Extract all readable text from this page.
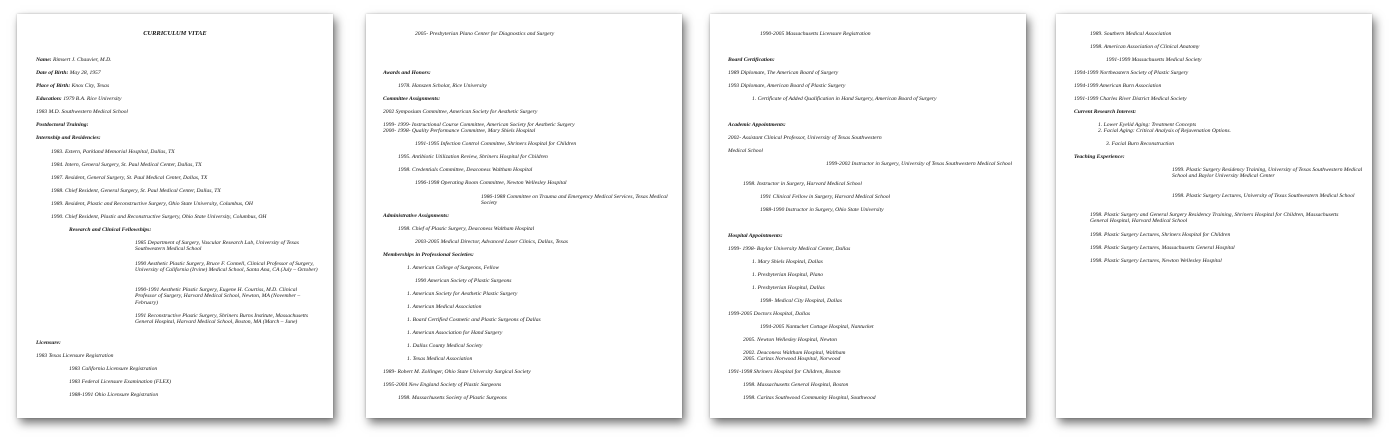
CURRICULUM VITAE
Name: Rimsert J. Chauvier, M.D.
Date of Birth: May 28, 1957
Place of Birth: Knox City, Texas
Education: 1979 B.A. Rice University
1983 M.D. Southwestern Medical School
Postdoctoral Training:
Internship and Residencies:
1983. Extern, Parkland Memorial Hospital, Dallas, TX
1984. Intern, General Surgery, St. Paul Medical Center, Dallas, TX
1987. Resident, General Surgery, St. Paul Medical Center, Dallas, TX
1988. Chief Resident, General Surgery, St. Paul Medical Center, Dallas, TX
1989. Resident, Plastic and Reconstructive Surgery, Ohio State University, Columbus, OH
1990. Chief Resident, Plastic and Reconstructive Surgery, Ohio State University, Columbus, OH
Research and Clinical Fellowships:
1985 Department of Surgery, Vascular Research Lab, University of Texas Southwestern Medical School
1990 Aesthetic Plastic Surgery, Bruce F. Connell, Clinical Professor of Surgery, University of California (Irvine) Medical School, Santa Ana, CA (July – October)
1990-1991 Aesthetic Plastic Surgery, Eugene H. Courtiss, M.D. Clinical Professor of Surgery, Harvard Medical School, Newton, MA (November – February)
1991 Reconstructive Plastic Surgery, Shriners Burns Institute, Massachusetts General Hospital, Harvard Medical School, Boston, MA (March – June)
Licensure:
1983 Texas Licensure Registration
1983 California Licensure Registration
1983 Federal Licensure Examination (FLEX)
1988-1991 Ohio Licensure Registration
2005- Presbyterian Plano Center for Diagnostics and Surgery
Awards and Honors:
1978. Hanszen Scholar, Rice University
Committee Assignments:
2002 Symposium Committee, American Society for Aesthetic Surgery
1999- 1999- Instructional Course Committee, American Society for Aesthetic Surgery
2000- 1998- Quality Performance Committee, Mary Shiels Hospital
1991-1995 Infection Control Committee, Shriners Hospital for Children
1995. Antibiotic Utilization Review, Shriners Hospital for Children
1998. Credentials Committee, Deaconess Waltham Hospital
1996-1998 Operating Room Committee, Newton Wellesley Hospital
1986-1988 Committee on Trauma and Emergency Medical Services, Texas Medical Society
Administrative Assignments:
1998. Chief of Plastic Surgery, Deaconess Waltham Hospital
2003-2005 Medical Director, Advanced Laser Clinics, Dallas, Texas
Memberships in Professional Societies:
1. American College of Surgeons, Fellow
1990 American Society of Plastic Surgeons
1. American Society for Aesthetic Plastic Surgery
1. American Medical Association
1. Board Certified Cosmetic and Plastic Surgeons of Dallas
1. American Association for Hand Surgery
1. Dallas County Medical Society
1. Texas Medical Association
1989- Robert M. Zollinger, Ohio State University Surgical Society
1995-2004 New England Society of Plastic Surgeons
1998. Massachusetts Society of Plastic Surgeons
1990-2005 Massachusetts Licensure Registration
Board Certification:
1989 Diplomate, The American Board of Surgery
1993 Diplomate, American Board of Plastic Surgery
1. Certificate of Added Qualification in Hand Surgery, American Board of Surgery
Academic Appointments:
2002- Assistant Clinical Professor, University of Texas Southwestern
Medical School
1999-2002 Instructor in Surgery, University of Texas Southwestern Medical School
1998. Instructor in Surgery, Harvard Medical School
1991 Clinical Fellow in Surgery, Harvard Medical School
1988-1990 Instructor in Surgery, Ohio State University
Hospital Appointments:
1999- 1998- Baylor University Medical Center, Dallas
1. Mary Shiels Hospital, Dallas
1. Presbyterian Hospital, Plano
1. Presbyterian Hospital, Dallas
1998- Medical City Hospital, Dallas
1999-2005 Doctors Hospital, Dallas
1994-2005 Nantucket Cottage Hospital, Nantucket
2005. Newton Wellesley Hospital, Newton
2002. Deaconess Waltham Hospital, Waltham
2005. Caritas Norwood Hospital, Norwood
1991-1998 Shriners Hospital for Children, Boston
1998. Massachusetts General Hospital, Boston
1998. Caritas Southwood Community Hospital, Southwood
1989. Southern Medical Association
1998. American Association of Clinical Anatomy
1991-1999 Massachusetts Medical Society
1994-1999 Northeastern Society of Plastic Surgery
1994-1999 American Burn Association
1991-1999 Charles River District Medical Society
Current Research Interest:
1. Lower Eyelid Aging: Treatment Concepts
2. Facial Aging: Critical Analysis of Rejuvenation Options.
3. Facial Burn Reconstruction
Teaching Experience:
1999. Plastic Surgery Residency Training, University of Texas Southwestern Medical School and Baylor University Medical Center
1998. Plastic Surgery Lectures, University of Texas Southwestern Medical School
1998. Plastic Surgery and General Surgery Residency Training, Shriners Hospital for Children, Massachusetts General Hospital, Harvard Medical School
1998. Plastic Surgery Lectures, Shriners Hospital for Children
1998. Plastic Surgery Lectures, Massachusetts General Hospital
1998. Plastic Surgery Lectures, Newton Wellesley Hospital
